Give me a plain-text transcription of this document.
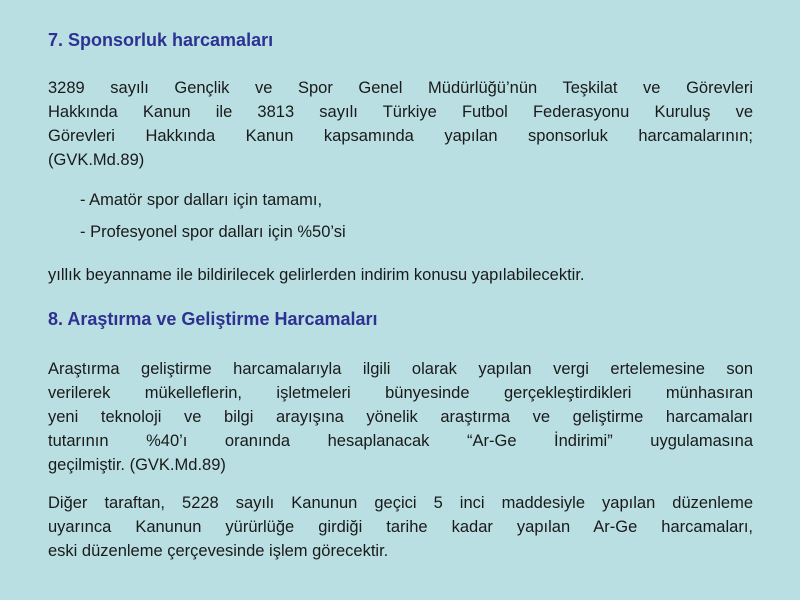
7. Sponsorluk harcamaları
3289 sayılı Gençlik ve Spor Genel Müdürlüğü’nün Teşkilat ve Görevleri
Hakkında Kanun ile 3813 sayılı Türkiye Futbol Federasyonu Kuruluş ve
Görevleri Hakkında Kanun kapsamında yapılan sponsorluk harcamalarının;
(GVK.Md.89)
- Amatör spor dalları için tamamı,
- Profesyonel spor dalları için %50’si
yıllık beyanname ile bildirilecek gelirlerden indirim konusu yapılabilecektir.
8. Araştırma ve Geliştirme Harcamaları
Araştırma geliştirme harcamalarıyla ilgili olarak yapılan vergi ertelemesine son
verilerek mükelleflerin, işletmeleri bünyesinde gerçekleştirdikleri münhasıran
yeni teknoloji ve bilgi arayışına yönelik araştırma ve geliştirme harcamaları
tutarının %40’ı oranında hesaplanacak “Ar-Ge İndirimi” uygulamasına
geçilmiştir. (GVK.Md.89)
Diğer taraftan, 5228 sayılı Kanunun geçici 5 inci maddesiyle yapılan düzenleme
uyarınca Kanunun yürürlüğe girdiği tarihe kadar yapılan Ar-Ge harcamaları,
eski düzenleme çerçevesinde işlem görecektir.
